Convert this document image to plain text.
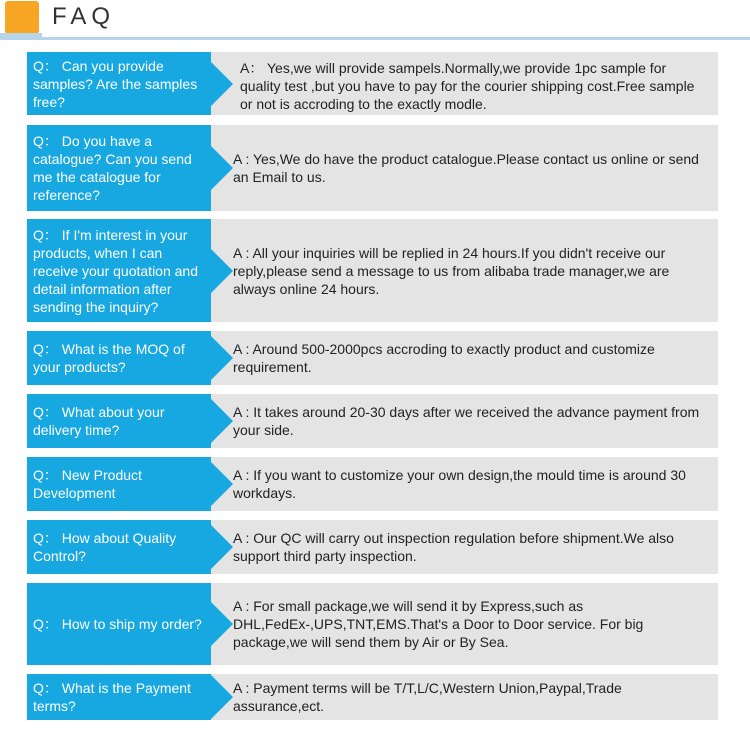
FAQ
Q： Can you provide samples? Are the samples free?
A： Yes,we will provide sampels.Normally,we provide 1pc sample for quality test ,but you have to pay for the courier shipping cost.Free sample or not is accroding to the exactly modle.
Q： Do you have a catalogue? Can you send me the catalogue for reference?
A : Yes,We do have the product catalogue.Please contact us online or send an Email to us.
Q： If I'm interest in your products, when I can receive your quotation and detail information after sending the inquiry?
A : All your inquiries will be replied in 24 hours.If you didn't receive our reply,please send a message to us from alibaba trade manager,we are always online 24 hours.
Q： What is the MOQ of your products?
A : Around 500-2000pcs accroding to exactly product and customize requirement.
Q： What about your delivery time?
A : It takes around 20-30 days after we received the advance payment from your side.
Q： New Product Development
A : If you want to customize your own design,the mould time is around 30 workdays.
Q： How about Quality Control?
A : Our QC will carry out inspection regulation before shipment.We also support third party inspection.
Q： How to ship my order?
A : For small package,we will send it by Express,such as DHL,FedEx-,UPS,TNT,EMS.That's a Door to Door service. For big package,we will send them by Air or By Sea.
Q： What is the Payment terms?
A : Payment terms will be T/T,L/C,Western Union,Paypal,Trade assurance,ect.
